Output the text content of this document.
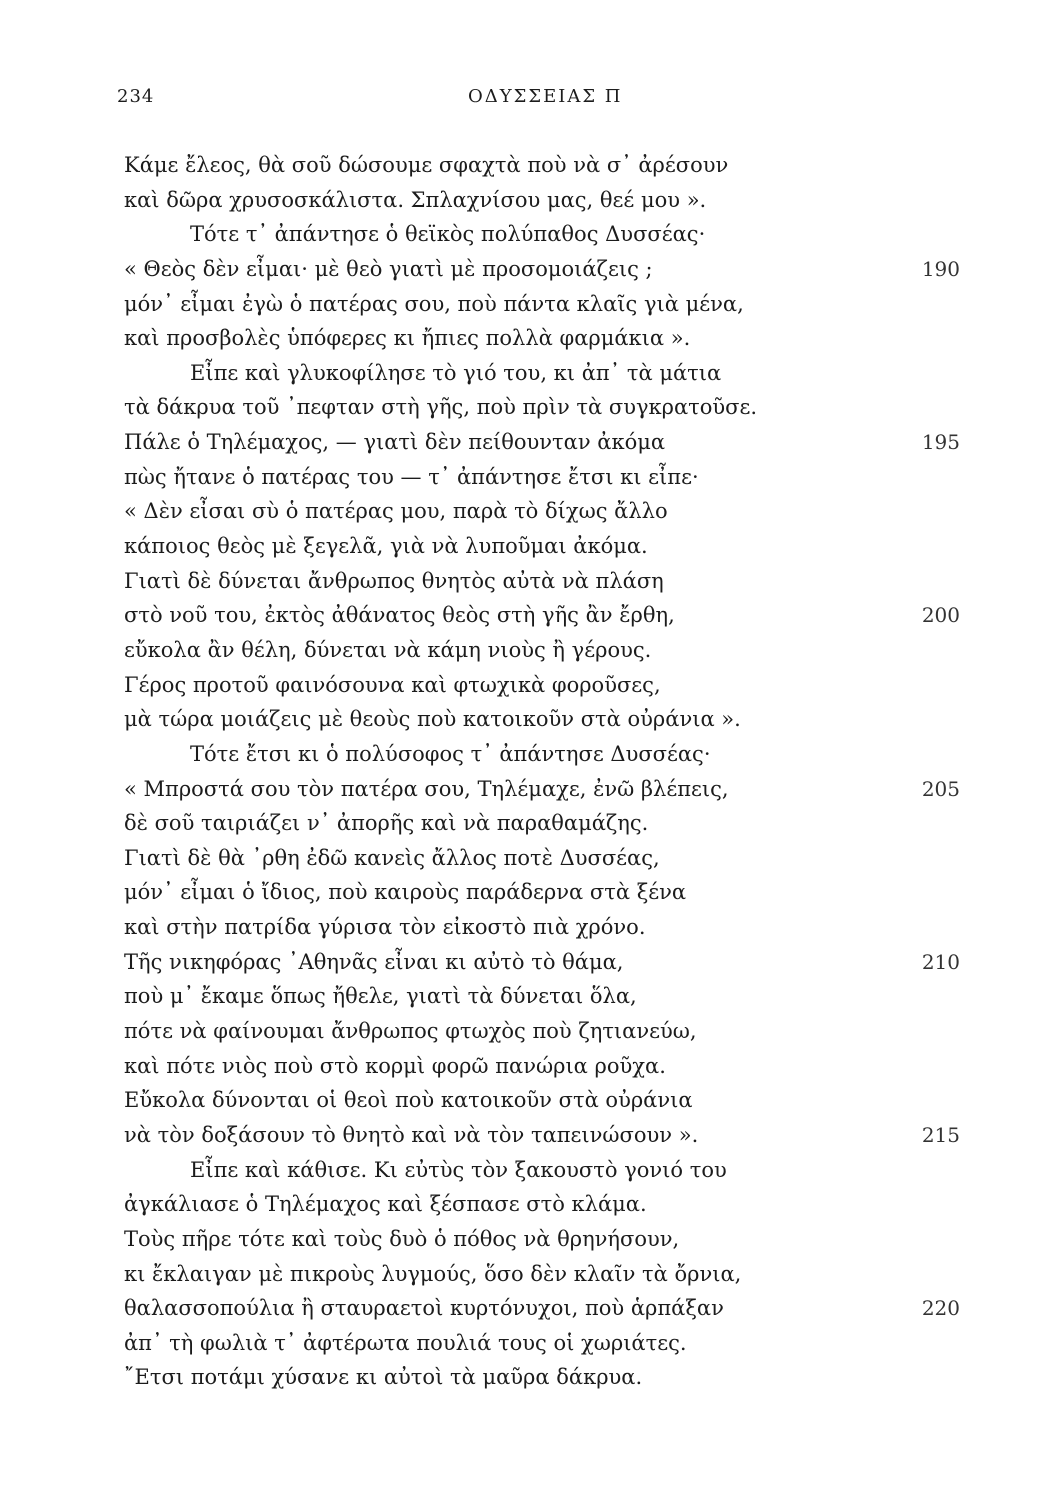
234	ΟΔΥΣΣΕΙΑΣ Π
Κάμε ἔλεος, θὰ σοῦ δώσουμε σφαχτὰ ποὺ νὰ σ᾽ ἀρέσουν
καὶ δῶρα χρυσοσκάλιστα. Σπλαχνίσου μας, θεέ μου ».
Τότε τ᾽ ἀπάντησε ὁ θεϊκὸς πολύπαθος Δυσσέας·
« Θεὸς δὲν εἶμαι· μὲ θεὸ γιατὶ μὲ προσομοιάζεις ;	190
μόν᾽ εἶμαι ἐγὼ ὁ πατέρας σου, ποὺ πάντα κλαῖς γιὰ μένα,
καὶ προσβολὲς ὑπόφερες κι ἤπιες πολλὰ φαρμάκια ».
Εἶπε καὶ γλυκοφίλησε τὸ γιό του, κι ἀπ᾽ τὰ μάτια
τὰ δάκρυα τοῦ ᾽πεφταν στὴ γῆς, ποὺ πρὶν τὰ συγκρατοῦσε.
Πάλε ὁ Τηλέμαχος, — γιατὶ δὲν πείθουνταν ἀκόμα	195
πὼς ἤτανε ὁ πατέρας του — τ᾽ ἀπάντησε ἔτσι κι εἶπε·
« Δὲν εἶσαι σὺ ὁ πατέρας μου, παρὰ τὸ δίχως ἄλλο
κάποιος θεὸς μὲ ξεγελᾶ, γιὰ νὰ λυποῦμαι ἀκόμα.
Γιατὶ δὲ δύνεται ἄνθρωπος θνητὸς αὐτὰ νὰ πλάση
στὸ νοῦ του, ἐκτὸς ἀθάνατος θεὸς στὴ γῆς ἂν ἔρθη,	200
εὔκολα ἂν θέλη, δύνεται νὰ κάμη νιοὺς ἢ γέρους.
Γέρος προτοῦ φαινόσουνα καὶ φτωχικὰ φοροῦσες,
μὰ τώρα μοιάζεις μὲ θεοὺς ποὺ κατοικοῦν στὰ οὐράνια ».
Τότε ἔτσι κι ὁ πολύσοφος τ᾽ ἀπάντησε Δυσσέας·
« Μπροστά σου τὸν πατέρα σου, Τηλέμαχε, ἐνῶ βλέπεις,	205
δὲ σοῦ ταιριάζει ν᾽ ἀπορῆς καὶ νὰ παραθαμάζης.
Γιατὶ δὲ θὰ ᾽ρθη ἐδῶ κανεὶς ἄλλος ποτὲ Δυσσέας,
μόν᾽ εἶμαι ὁ ἴδιος, ποὺ καιροὺς παράδερνα στὰ ξένα
καὶ στὴν πατρίδα γύρισα τὸν εἰκοστὸ πιὰ χρόνο.
Τῆς νικηφόρας ᾽Αθηνᾶς εἶναι κι αὐτὸ τὸ θάμα,	210
ποὺ μ᾽ ἔκαμε ὅπως ἤθελε, γιατὶ τὰ δύνεται ὅλα,
πότε νὰ φαίνουμαι ἄνθρωπος φτωχὸς ποὺ ζητιανεύω,
καὶ πότε νιὸς ποὺ στὸ κορμὶ φορῶ πανώρια ροῦχα.
Εὔκολα δύνονται οἱ θεοὶ ποὺ κατοικοῦν στὰ οὐράνια
νὰ τὸν δοξάσουν τὸ θνητὸ καὶ νὰ τὸν ταπεινώσουν ».	215
Εἶπε καὶ κάθισε. Κι εὐτὺς τὸν ξακουστὸ γονιό του
ἀγκάλιασε ὁ Τηλέμαχος καὶ ξέσπασε στὸ κλάμα.
Τοὺς πῆρε τότε καὶ τοὺς δυὸ ὁ πόθος νὰ θρηνήσουν,
κι ἔκλαιγαν μὲ πικροὺς λυγμούς, ὅσο δὲν κλαῖν τὰ ὄρνια,
θαλασσοπούλια ἢ σταυραετοὶ κυρτόνυχοι, ποὺ ἁρπάξαν	220
ἀπ᾽ τὴ φωλιὰ τ᾽ ἀφτέρωτα πουλιά τους οἱ χωριάτες.
῎Ετσι ποτάμι χύσανε κι αὐτοὶ τὰ μαῦρα δάκρυα.
